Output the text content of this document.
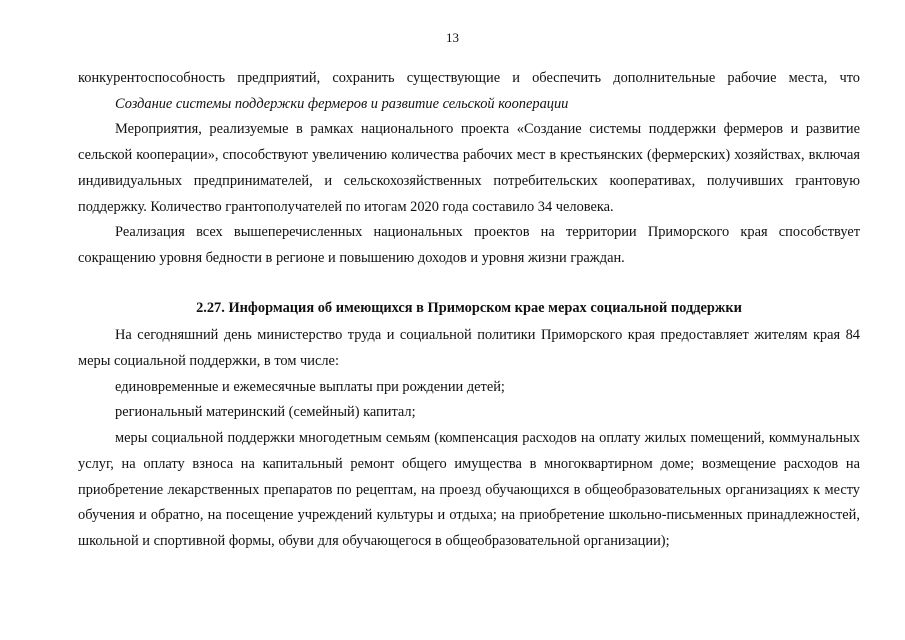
13

конкурентоспособность предприятий, сохранить существующие и обеспечить дополнительные рабочие места, что

Создание системы поддержки фермеров и развитие сельской кооперации

Мероприятия, реализуемые в рамках национального проекта «Создание системы поддержки фермеров и развитие сельской кооперации», способствуют увеличению количества рабочих мест в крестьянских (фермерских) хозяйствах, включая индивидуальных предпринимателей, и сельскохозяйственных потребительских кооперативах, получивших грантовую поддержку. Количество грантополучателей по итогам 2020 года составило 34 человека.

Реализация всех вышеперечисленных национальных проектов на территории Приморского края способствует сокращению уровня бедности в регионе и повышению доходов и уровня жизни граждан.

2.27. Информация об имеющихся в Приморском крае мерах социальной поддержки

На сегодняшний день министерство труда и социальной политики Приморского края предоставляет жителям края 84 меры социальной поддержки, в том числе:

единовременные и ежемесячные выплаты при рождении детей;

региональный материнский (семейный) капитал;

меры социальной поддержки многодетным семьям (компенсация расходов на оплату жилых помещений, коммунальных услуг, на оплату взноса на капитальный ремонт общего имущества в многоквартирном доме; возмещение расходов на приобретение лекарственных препаратов по рецептам, на проезд обучающихся в общеобразовательных организациях к месту обучения и обратно, на посещение учреждений культуры и отдыха; на приобретение школьно-письменных принадлежностей, школьной и спортивной формы, обуви для обучающегося в общеобразовательной организации);
